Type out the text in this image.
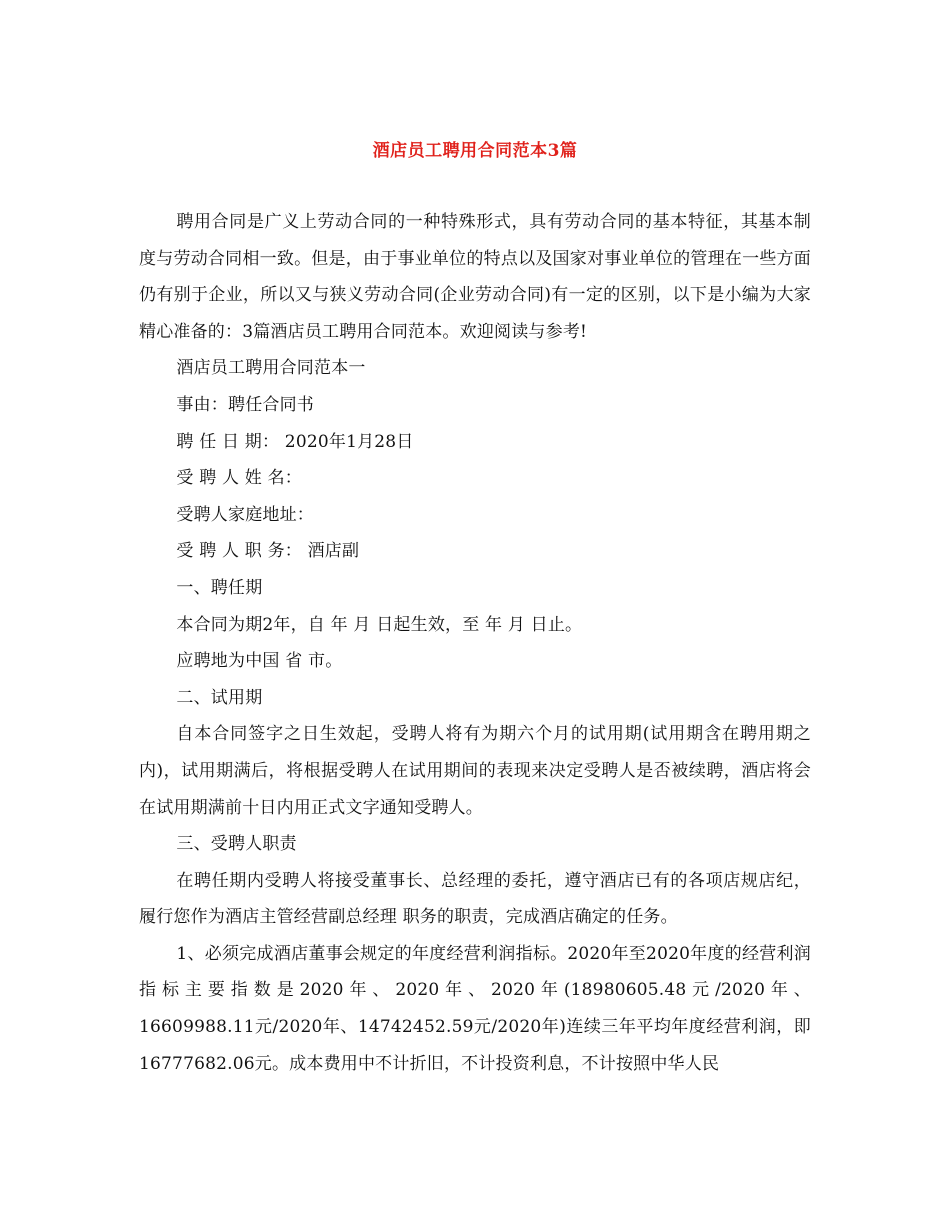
酒店员工聘用合同范本3篇

聘用合同是广义上劳动合同的一种特殊形式，具有劳动合同的基本特征，其基本制度与劳动合同相一致。但是，由于事业单位的特点以及国家对事业单位的管理在一些方面仍有别于企业，所以又与狭义劳动合同(企业劳动合同)有一定的区别，以下是小编为大家精心准备的：3篇酒店员工聘用合同范本。欢迎阅读与参考!

酒店员工聘用合同范本一

事由：聘任合同书

聘 任 日 期： 2020年1月28日

受 聘 人 姓 名：

受聘人家庭地址：

受 聘 人 职 务： 酒店副

一、聘任期

本合同为期2年，自 年 月 日起生效，至 年 月 日止。

应聘地为中国 省 市。

二、试用期

自本合同签字之日生效起，受聘人将有为期六个月的试用期(试用期含在聘用期之内)，试用期满后，将根据受聘人在试用期间的表现来决定受聘人是否被续聘，酒店将会在试用期满前十日内用正式文字通知受聘人。

三、受聘人职责

在聘任期内受聘人将接受董事长、总经理的委托，遵守酒店已有的各项店规店纪，履行您作为酒店主管经营副总经理 职务的职责，完成酒店确定的任务。

1、必须完成酒店董事会规定的年度经营利润指标。2020年至2020年度的经营利润指标主要指数是2020年、2020年、2020年(18980605.48元/2020年、16609988.11元/2020年、14742452.59元/2020年)连续三年平均年度经营利润，即16777682.06元。成本费用中不计折旧，不计投资利息，不计按照中华人民
